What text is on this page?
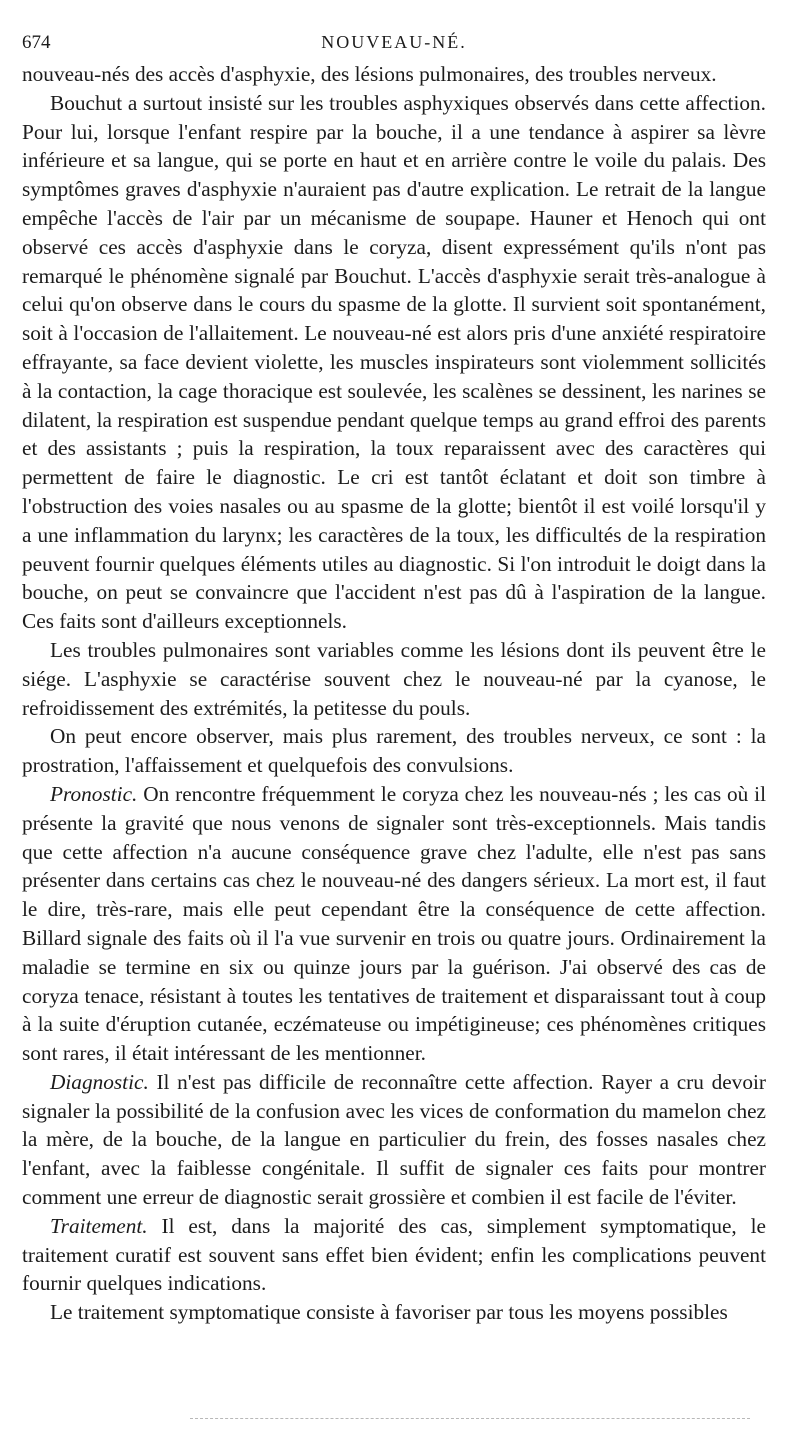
674	NOUVEAU-NÉ.

nouveau-nés des accès d'asphyxie, des lésions pulmonaires, des troubles nerveux.

Bouchut a surtout insisté sur les troubles asphyxiques observés dans cette affection. Pour lui, lorsque l'enfant respire par la bouche, il a une tendance à aspirer sa lèvre inférieure et sa langue, qui se porte en haut et en arrière contre le voile du palais. Des symptômes graves d'asphyxie n'auraient pas d'autre explication. Le retrait de la langue empêche l'accès de l'air par un mécanisme de soupape. Hauner et Henoch qui ont observé ces accès d'asphyxie dans le coryza, disent expressément qu'ils n'ont pas remarqué le phénomène signalé par Bouchut. L'accès d'asphyxie serait très-analogue à celui qu'on observe dans le cours du spasme de la glotte. Il survient soit spontanément, soit à l'occasion de l'allaitement. Le nouveau-né est alors pris d'une anxiété respiratoire effrayante, sa face devient violette, les muscles inspirateurs sont violemment sollicités à la contaction, la cage thoracique est soulevée, les scalènes se dessinent, les narines se dilatent, la respiration est suspendue pendant quelque temps au grand effroi des parents et des assistants ; puis la respiration, la toux reparaissent avec des caractères qui permettent de faire le diagnostic. Le cri est tantôt éclatant et doit son timbre à l'obstruction des voies nasales ou au spasme de la glotte; bientôt il est voilé lorsqu'il y a une inflammation du larynx; les caractères de la toux, les difficultés de la respiration peuvent fournir quelques éléments utiles au diagnostic. Si l'on introduit le doigt dans la bouche, on peut se convaincre que l'accident n'est pas dû à l'aspiration de la langue. Ces faits sont d'ailleurs exceptionnels.

Les troubles pulmonaires sont variables comme les lésions dont ils peuvent être le siége. L'asphyxie se caractérise souvent chez le nouveau-né par la cyanose, le refroidissement des extrémités, la petitesse du pouls.

On peut encore observer, mais plus rarement, des troubles nerveux, ce sont : la prostration, l'affaissement et quelquefois des convulsions.

Pronostic. On rencontre fréquemment le coryza chez les nouveau-nés ; les cas où il présente la gravité que nous venons de signaler sont très-exceptionnels. Mais tandis que cette affection n'a aucune conséquence grave chez l'adulte, elle n'est pas sans présenter dans certains cas chez le nouveau-né des dangers sérieux. La mort est, il faut le dire, très-rare, mais elle peut cependant être la conséquence de cette affection. Billard signale des faits où il l'a vue survenir en trois ou quatre jours. Ordinairement la maladie se termine en six ou quinze jours par la guérison. J'ai observé des cas de coryza tenace, résistant à toutes les tentatives de traitement et disparaissant tout à coup à la suite d'éruption cutanée, eczémateuse ou impétigineuse; ces phénomènes critiques sont rares, il était intéressant de les mentionner.

Diagnostic. Il n'est pas difficile de reconnaître cette affection. Rayer a cru devoir signaler la possibilité de la confusion avec les vices de conformation du mamelon chez la mère, de la bouche, de la langue en particulier du frein, des fosses nasales chez l'enfant, avec la faiblesse congénitale. Il suffit de signaler ces faits pour montrer comment une erreur de diagnostic serait grossière et combien il est facile de l'éviter.

Traitement. Il est, dans la majorité des cas, simplement symptomatique, le traitement curatif est souvent sans effet bien évident; enfin les complications peuvent fournir quelques indications.

Le traitement symptomatique consiste à favoriser par tous les moyens possibles
